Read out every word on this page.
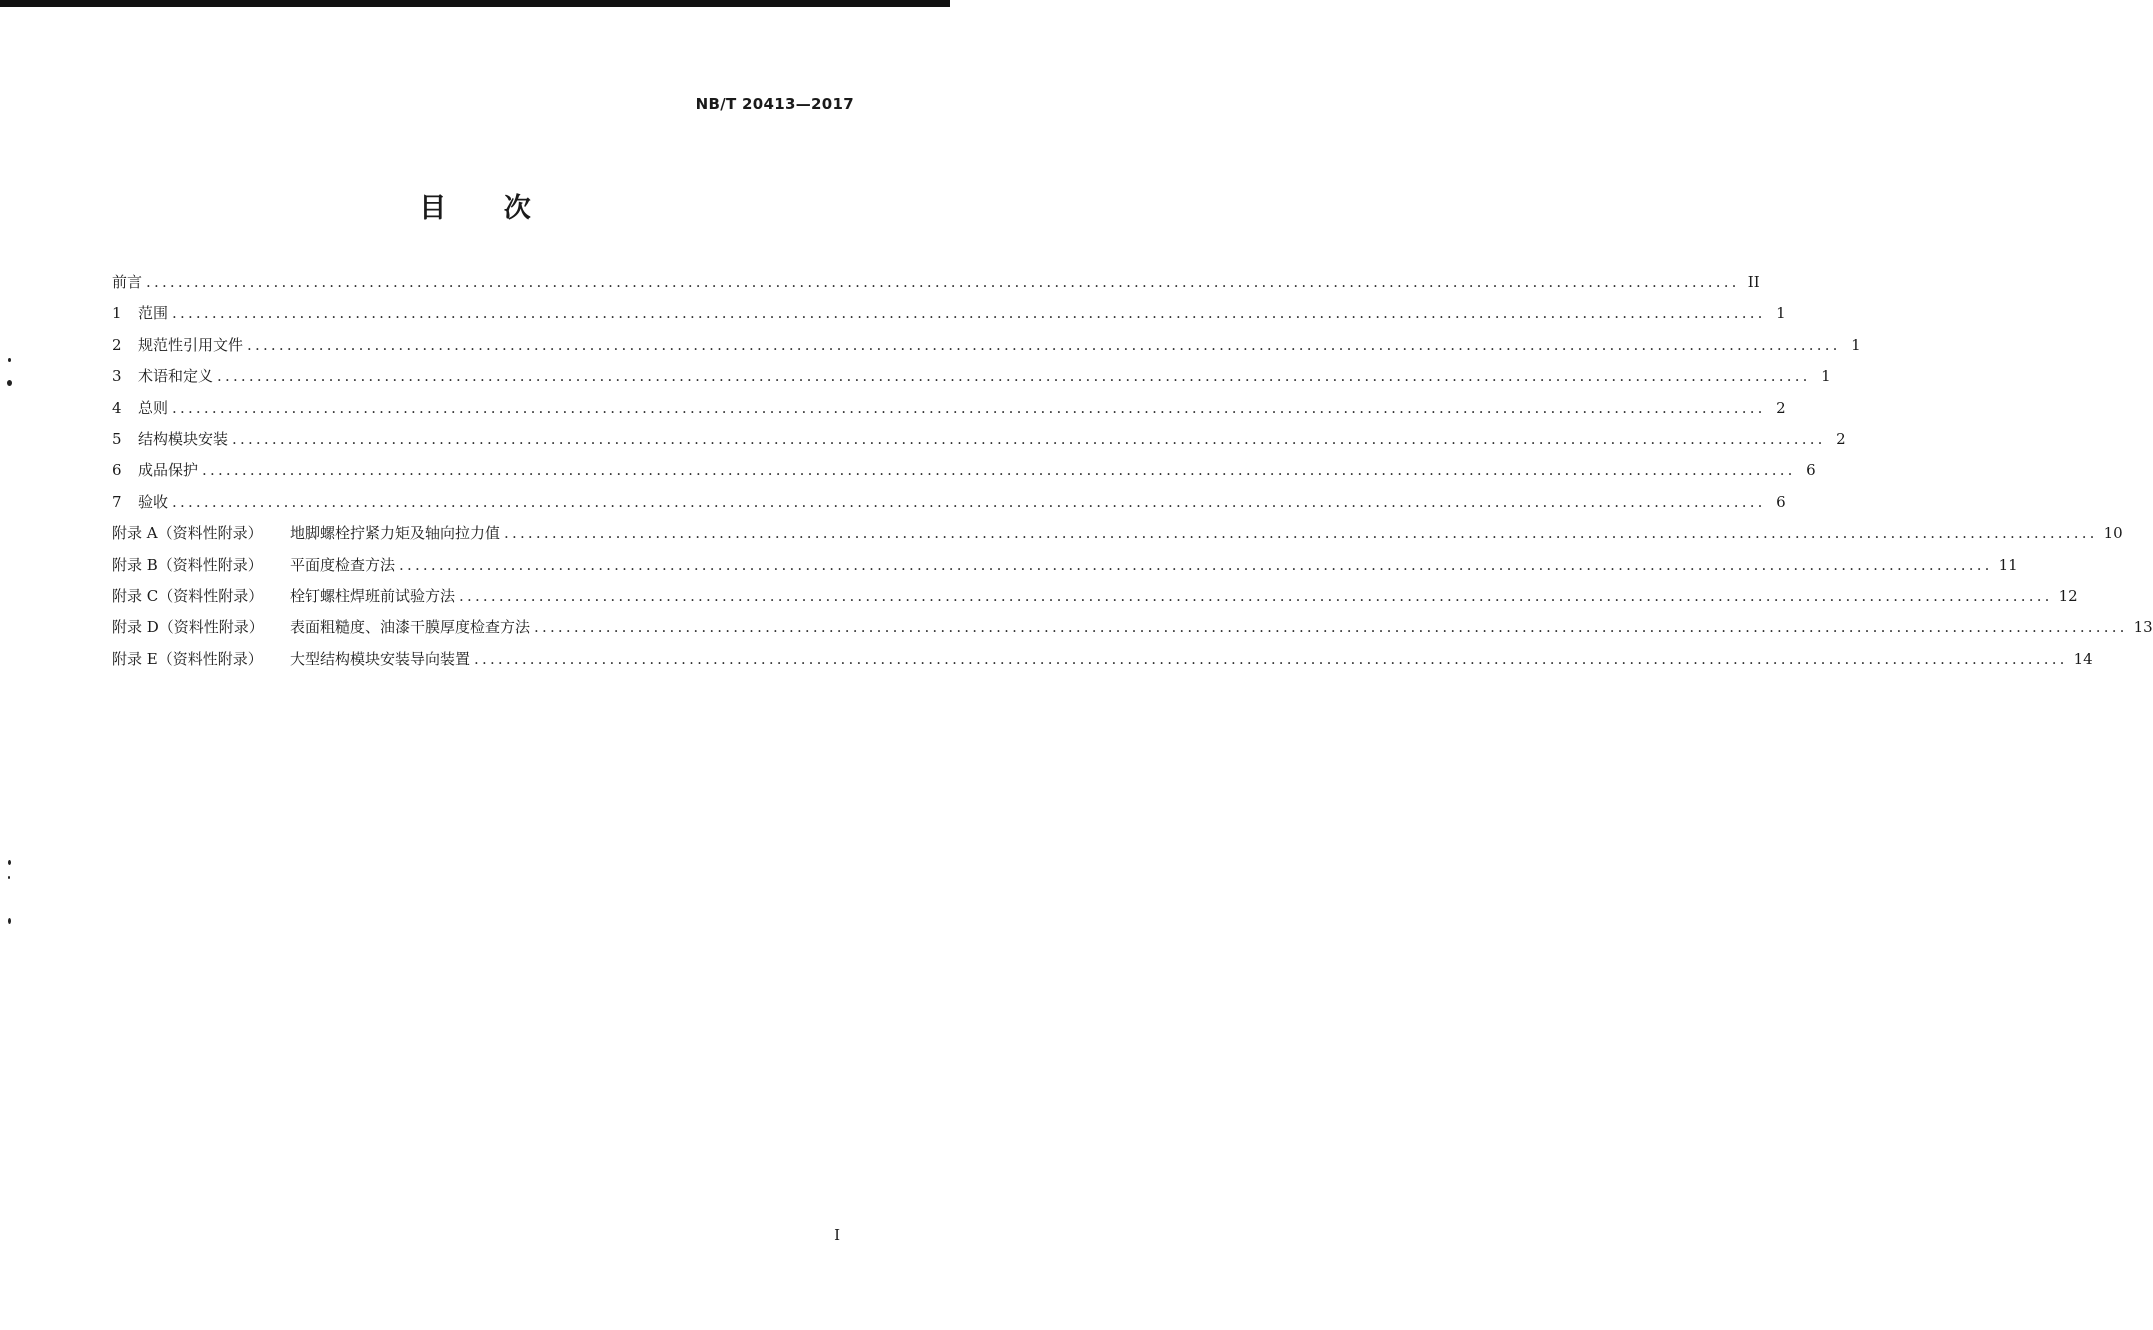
NB/T 20413—2017
目 次
前言 ........................................................................................................................................................................................................ II
1	范围 ........................................................................................................................................................................................................ 1
2	规范性引用文件 ........................................................................................................................................................................................................ 1
3	术语和定义 ........................................................................................................................................................................................................ 1
4	总则 ........................................................................................................................................................................................................ 2
5	结构模块安装 ........................................................................................................................................................................................................ 2
6	成品保护 ........................................................................................................................................................................................................ 6
7	验收 ........................................................................................................................................................................................................ 6
附录 A（资料性附录）	地脚螺栓拧紧力矩及轴向拉力值 ........................................................................................................................................................................................................ 10
附录 B（资料性附录）	平面度检查方法 ........................................................................................................................................................................................................ 11
附录 C（资料性附录）	栓钉螺柱焊班前试验方法 ........................................................................................................................................................................................................ 12
附录 D（资料性附录）	表面粗糙度、油漆干膜厚度检查方法 ........................................................................................................................................................................................................ 13
附录 E（资料性附录）	大型结构模块安装导向装置 ........................................................................................................................................................................................................ 14
I
